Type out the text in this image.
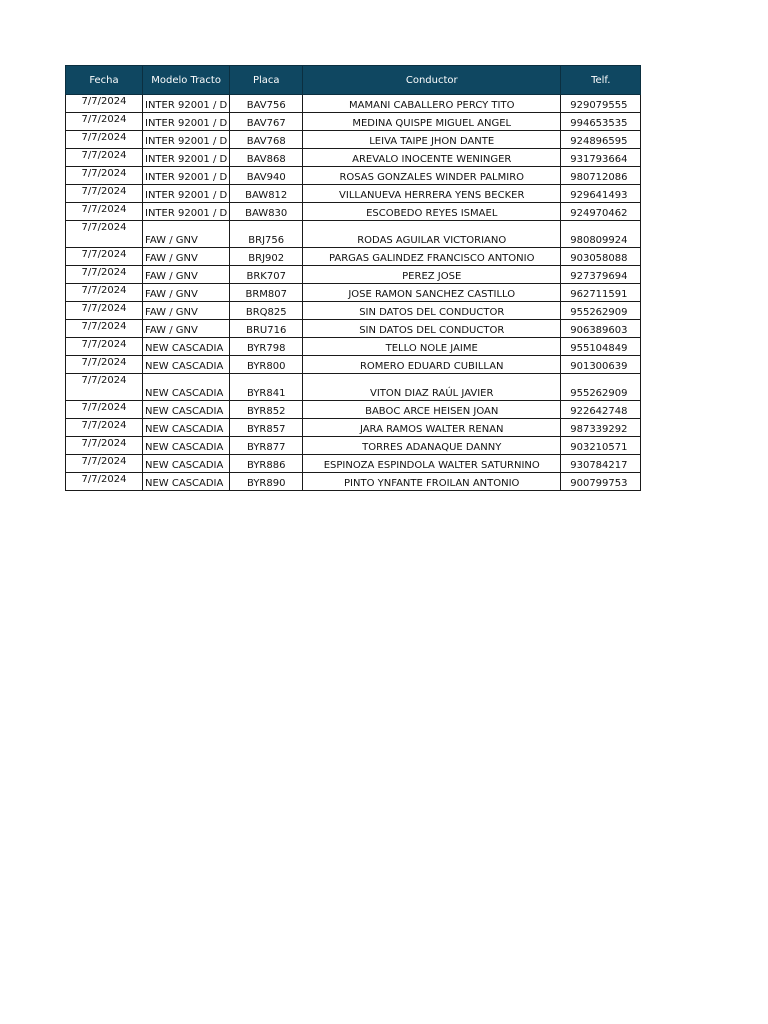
Fecha	Modelo Tracto	Placa	Conductor	Telf.
7/7/2024	INTER 92001 / D	BAV756	MAMANI CABALLERO PERCY TITO	929079555
7/7/2024	INTER 92001 / D	BAV767	MEDINA QUISPE MIGUEL ANGEL	994653535
7/7/2024	INTER 92001 / D	BAV768	LEIVA TAIPE JHON DANTE	924896595
7/7/2024	INTER 92001 / D	BAV868	AREVALO INOCENTE WENINGER	931793664
7/7/2024	INTER 92001 / D	BAV940	ROSAS GONZALES WINDER PALMIRO	980712086
7/7/2024	INTER 92001 / D	BAW812	VILLANUEVA HERRERA YENS BECKER	929641493
7/7/2024	INTER 92001 / D	BAW830	ESCOBEDO REYES ISMAEL	924970462
7/7/2024	FAW / GNV	BRJ756	RODAS AGUILAR VICTORIANO	980809924
7/7/2024	FAW / GNV	BRJ902	PARGAS GALINDEZ FRANCISCO ANTONIO	903058088
7/7/2024	FAW / GNV	BRK707	PEREZ JOSE	927379694
7/7/2024	FAW / GNV	BRM807	JOSE RAMON SANCHEZ CASTILLO	962711591
7/7/2024	FAW / GNV	BRQ825	SIN DATOS DEL CONDUCTOR	955262909
7/7/2024	FAW / GNV	BRU716	SIN DATOS DEL CONDUCTOR	906389603
7/7/2024	NEW CASCADIA	BYR798	TELLO NOLE JAIME	955104849
7/7/2024	NEW CASCADIA	BYR800	ROMERO EDUARD CUBILLAN	901300639
7/7/2024	NEW CASCADIA	BYR841	VITON DIAZ RAÚL JAVIER	955262909
7/7/2024	NEW CASCADIA	BYR852	BABOC ARCE HEISEN JOAN	922642748
7/7/2024	NEW CASCADIA	BYR857	JARA RAMOS WALTER RENAN	987339292
7/7/2024	NEW CASCADIA	BYR877	TORRES ADANAQUE DANNY	903210571
7/7/2024	NEW CASCADIA	BYR886	ESPINOZA ESPINDOLA WALTER SATURNINO	930784217
7/7/2024	NEW CASCADIA	BYR890	PINTO YNFANTE FROILAN ANTONIO	900799753
